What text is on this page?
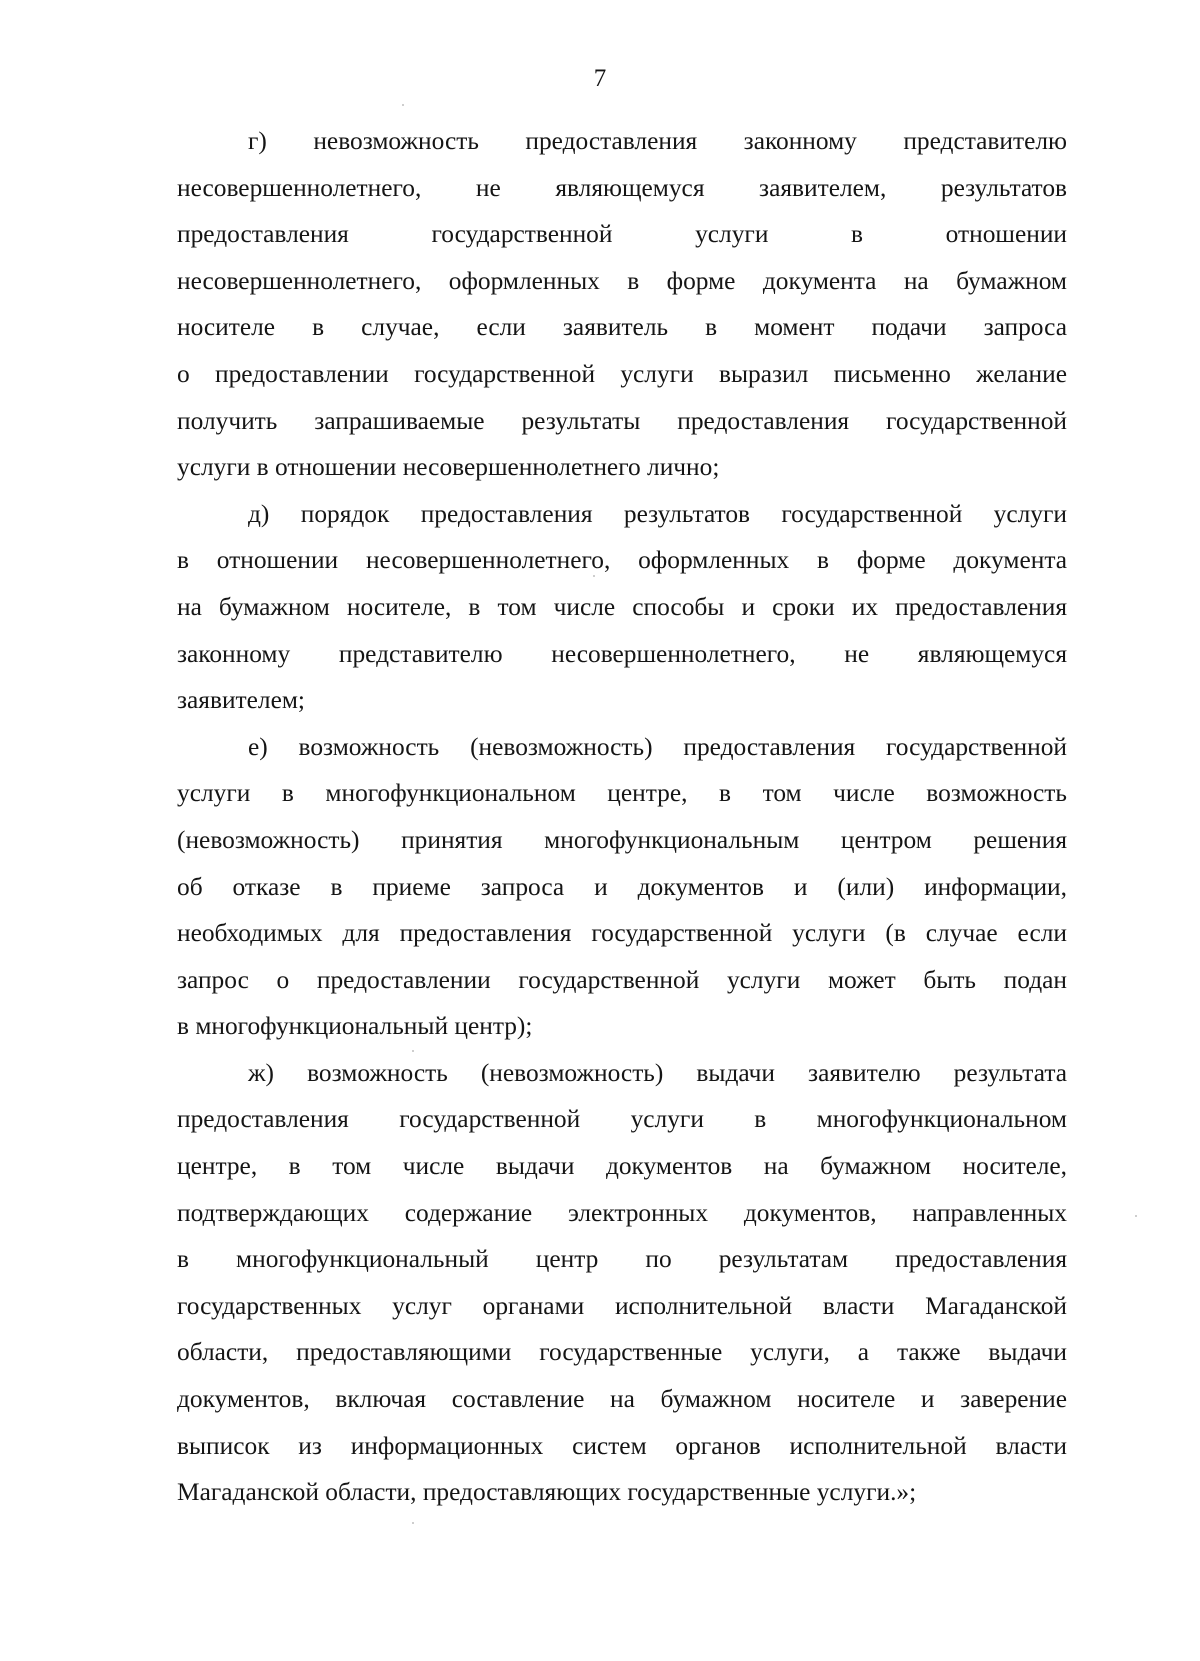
7
г) невозможность предоставления законному представителю
несовершеннолетнего, не являющемуся заявителем, результатов
предоставления государственной услуги в отношении
несовершеннолетнего, оформленных в форме документа на бумажном
носителе в случае, если заявитель в момент подачи запроса
о предоставлении государственной услуги выразил письменно желание
получить запрашиваемые результаты предоставления государственной
услуги в отношении несовершеннолетнего лично;
д) порядок предоставления результатов государственной услуги
в отношении несовершеннолетнего, оформленных в форме документа
на бумажном носителе, в том числе способы и сроки их предоставления
законному представителю несовершеннолетнего, не являющемуся
заявителем;
е) возможность (невозможность) предоставления государственной
услуги в многофункциональном центре, в том числе возможность
(невозможность) принятия многофункциональным центром решения
об отказе в приеме запроса и документов и (или) информации,
необходимых для предоставления государственной услуги (в случае если
запрос о предоставлении государственной услуги может быть подан
в многофункциональный центр);
ж) возможность (невозможность) выдачи заявителю результата
предоставления государственной услуги в многофункциональном
центре, в том числе выдачи документов на бумажном носителе,
подтверждающих содержание электронных документов, направленных
в многофункциональный центр по результатам предоставления
государственных услуг органами исполнительной власти Магаданской
области, предоставляющими государственные услуги, а также выдачи
документов, включая составление на бумажном носителе и заверение
выписок из информационных систем органов исполнительной власти
Магаданской области, предоставляющих государственные услуги.»;
